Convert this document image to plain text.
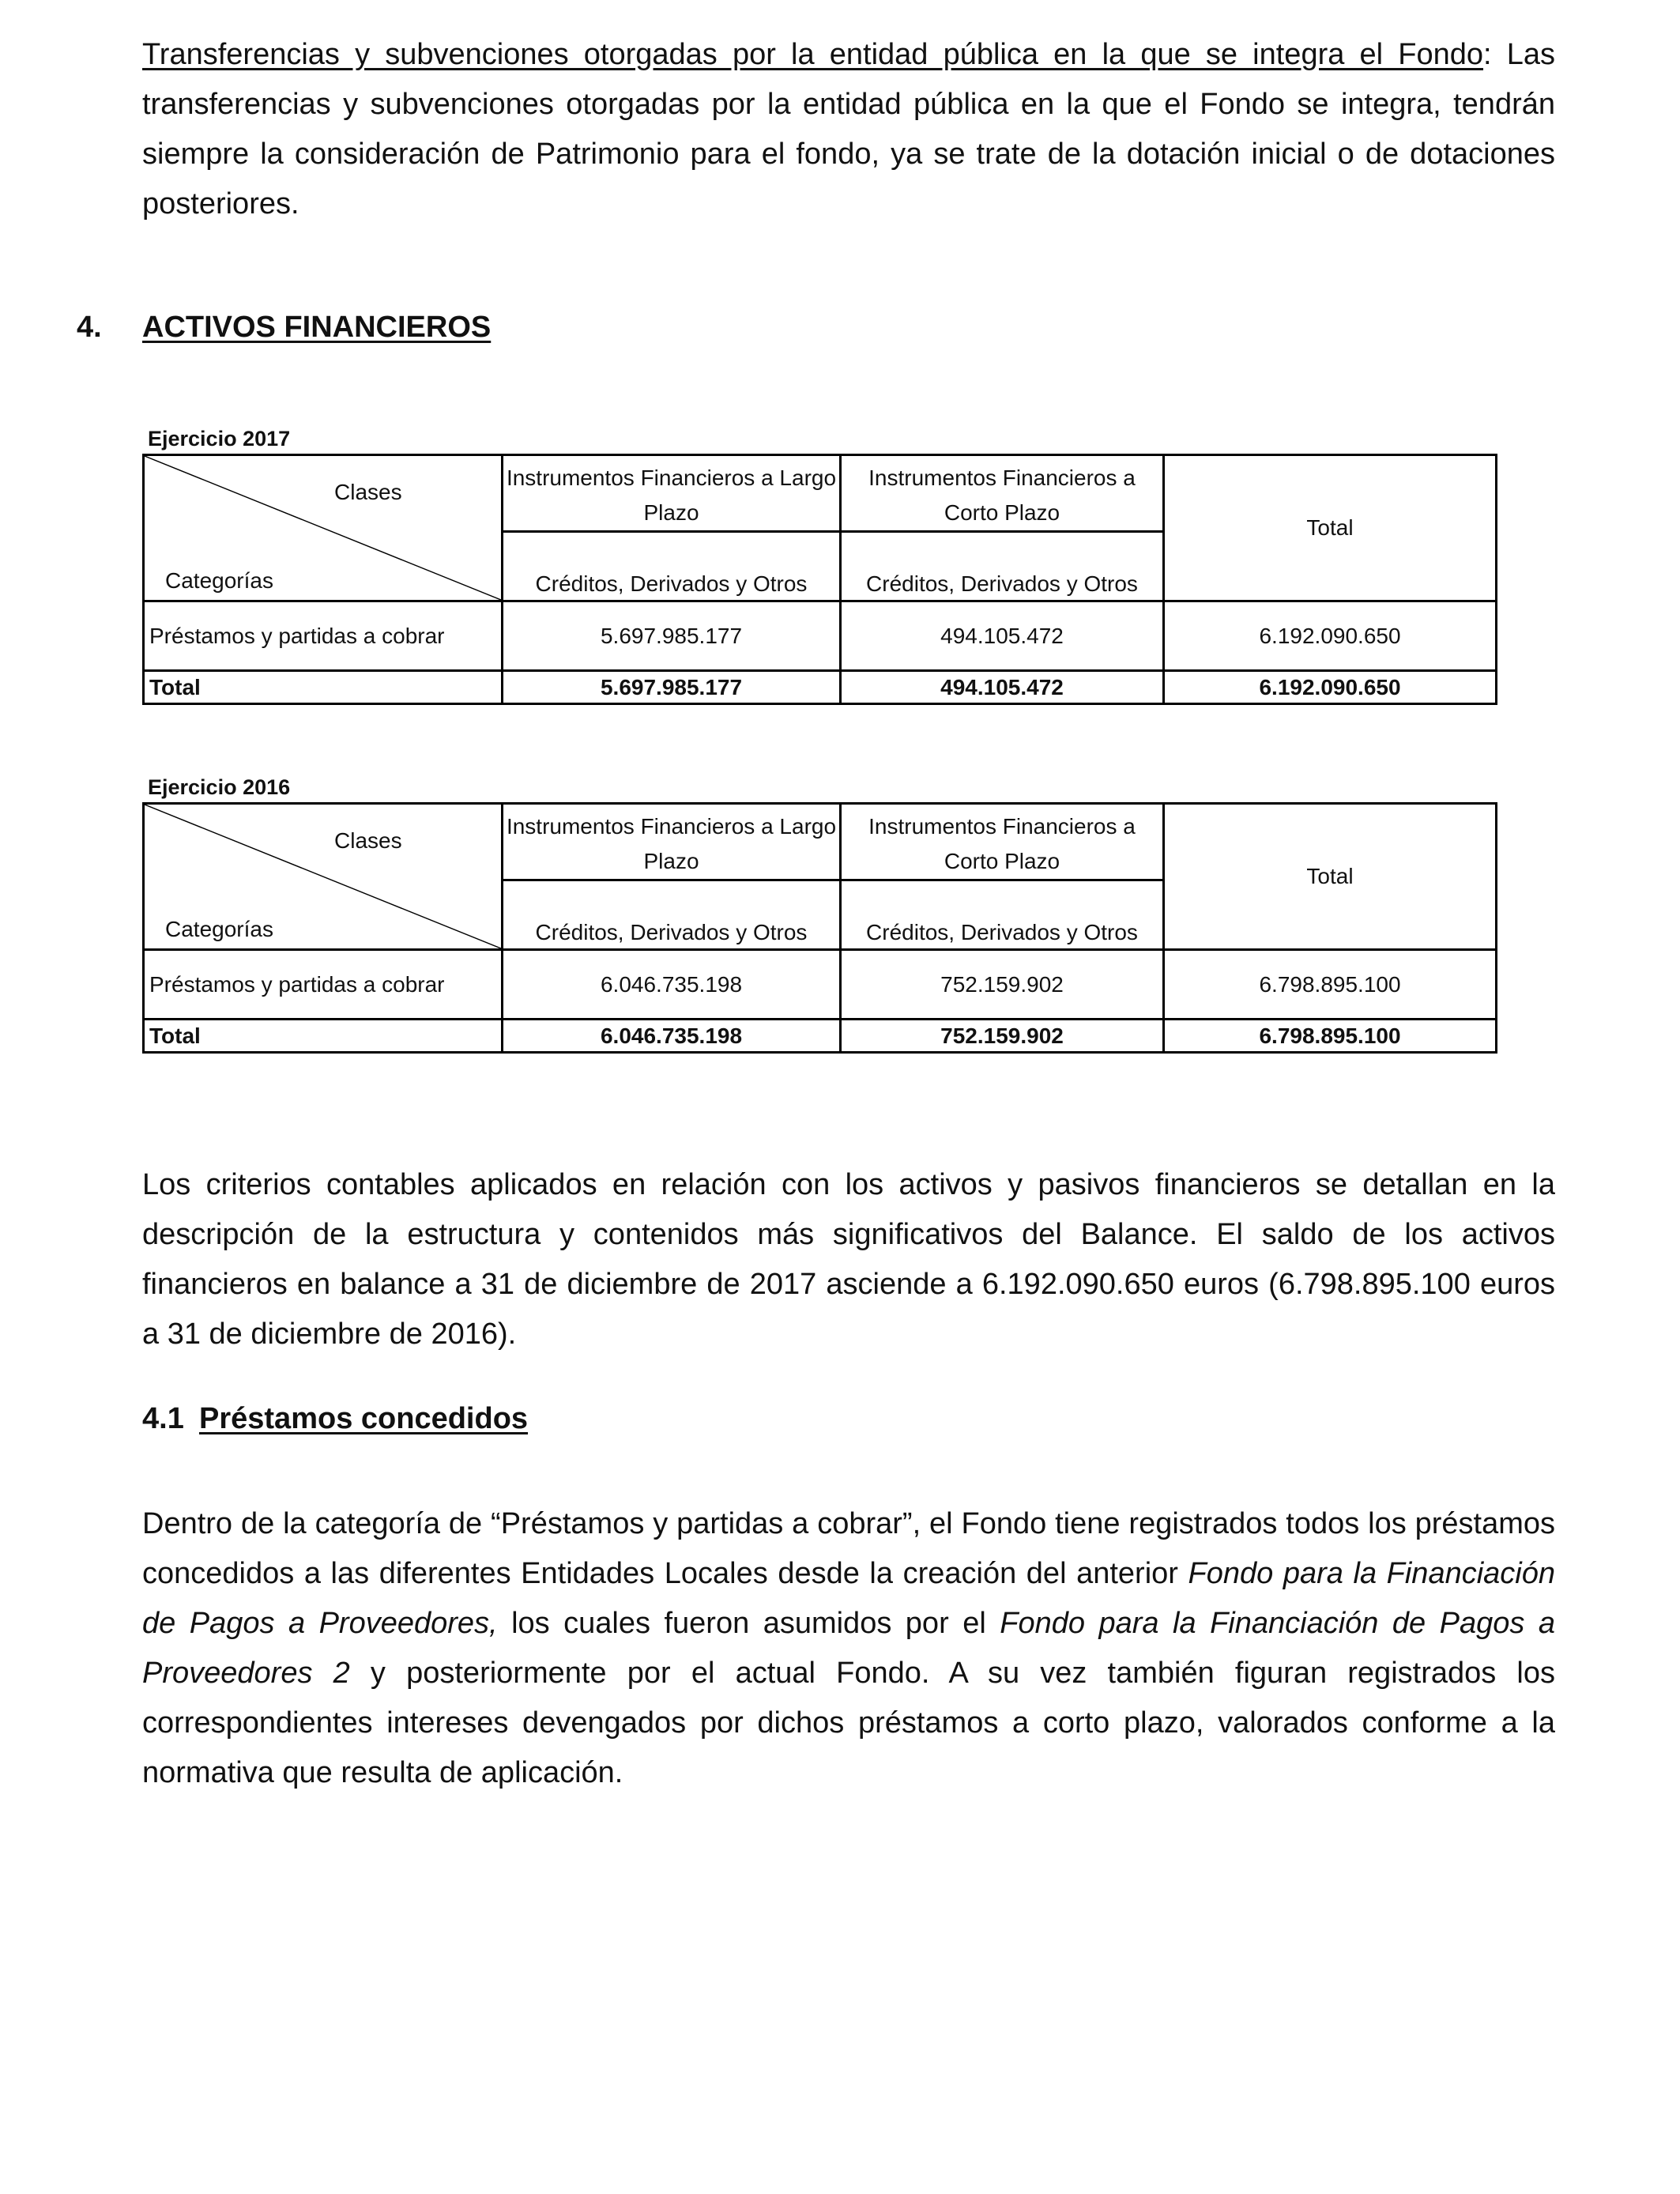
Transferencias y subvenciones otorgadas por la entidad pública en la que se integra el Fondo: Las transferencias y subvenciones otorgadas por la entidad pública en la que el Fondo se integra, tendrán siempre la consideración de Patrimonio para el fondo, ya se trate de la dotación inicial o de dotaciones posteriores.

4. ACTIVOS FINANCIEROS
Ejercicio 2017
Clases
Categorías	Instrumentos Financieros a Largo Plazo	Instrumentos Financieros a Corto Plazo	Total
	Créditos, Derivados y Otros	Créditos, Derivados y Otros	
Préstamos y partidas a cobrar	5.697.985.177	494.105.472	6.192.090.650
Total	5.697.985.177	494.105.472	6.192.090.650
Ejercicio 2016
Clases
Categorías	Instrumentos Financieros a Largo Plazo	Instrumentos Financieros a Corto Plazo	Total
	Créditos, Derivados y Otros	Créditos, Derivados y Otros	
Préstamos y partidas a cobrar	6.046.735.198	752.159.902	6.798.895.100
Total	6.046.735.198	752.159.902	6.798.895.100

Los criterios contables aplicados en relación con los activos y pasivos financieros se detallan en la descripción de la estructura y contenidos más significativos del Balance. El saldo de los activos financieros en balance a 31 de diciembre de 2017 asciende a 6.192.090.650 euros (6.798.895.100 euros a 31 de diciembre de 2016).

4.1 Préstamos concedidos

Dentro de la categoría de “Préstamos y partidas a cobrar”, el Fondo tiene registrados todos los préstamos concedidos a las diferentes Entidades Locales desde la creación del anterior Fondo para la Financiación de Pagos a Proveedores, los cuales fueron asumidos por el Fondo para la Financiación de Pagos a Proveedores 2 y posteriormente por el actual Fondo. A su vez también figuran registrados los correspondientes intereses devengados por dichos préstamos a corto plazo, valorados conforme a la normativa que resulta de aplicación.
